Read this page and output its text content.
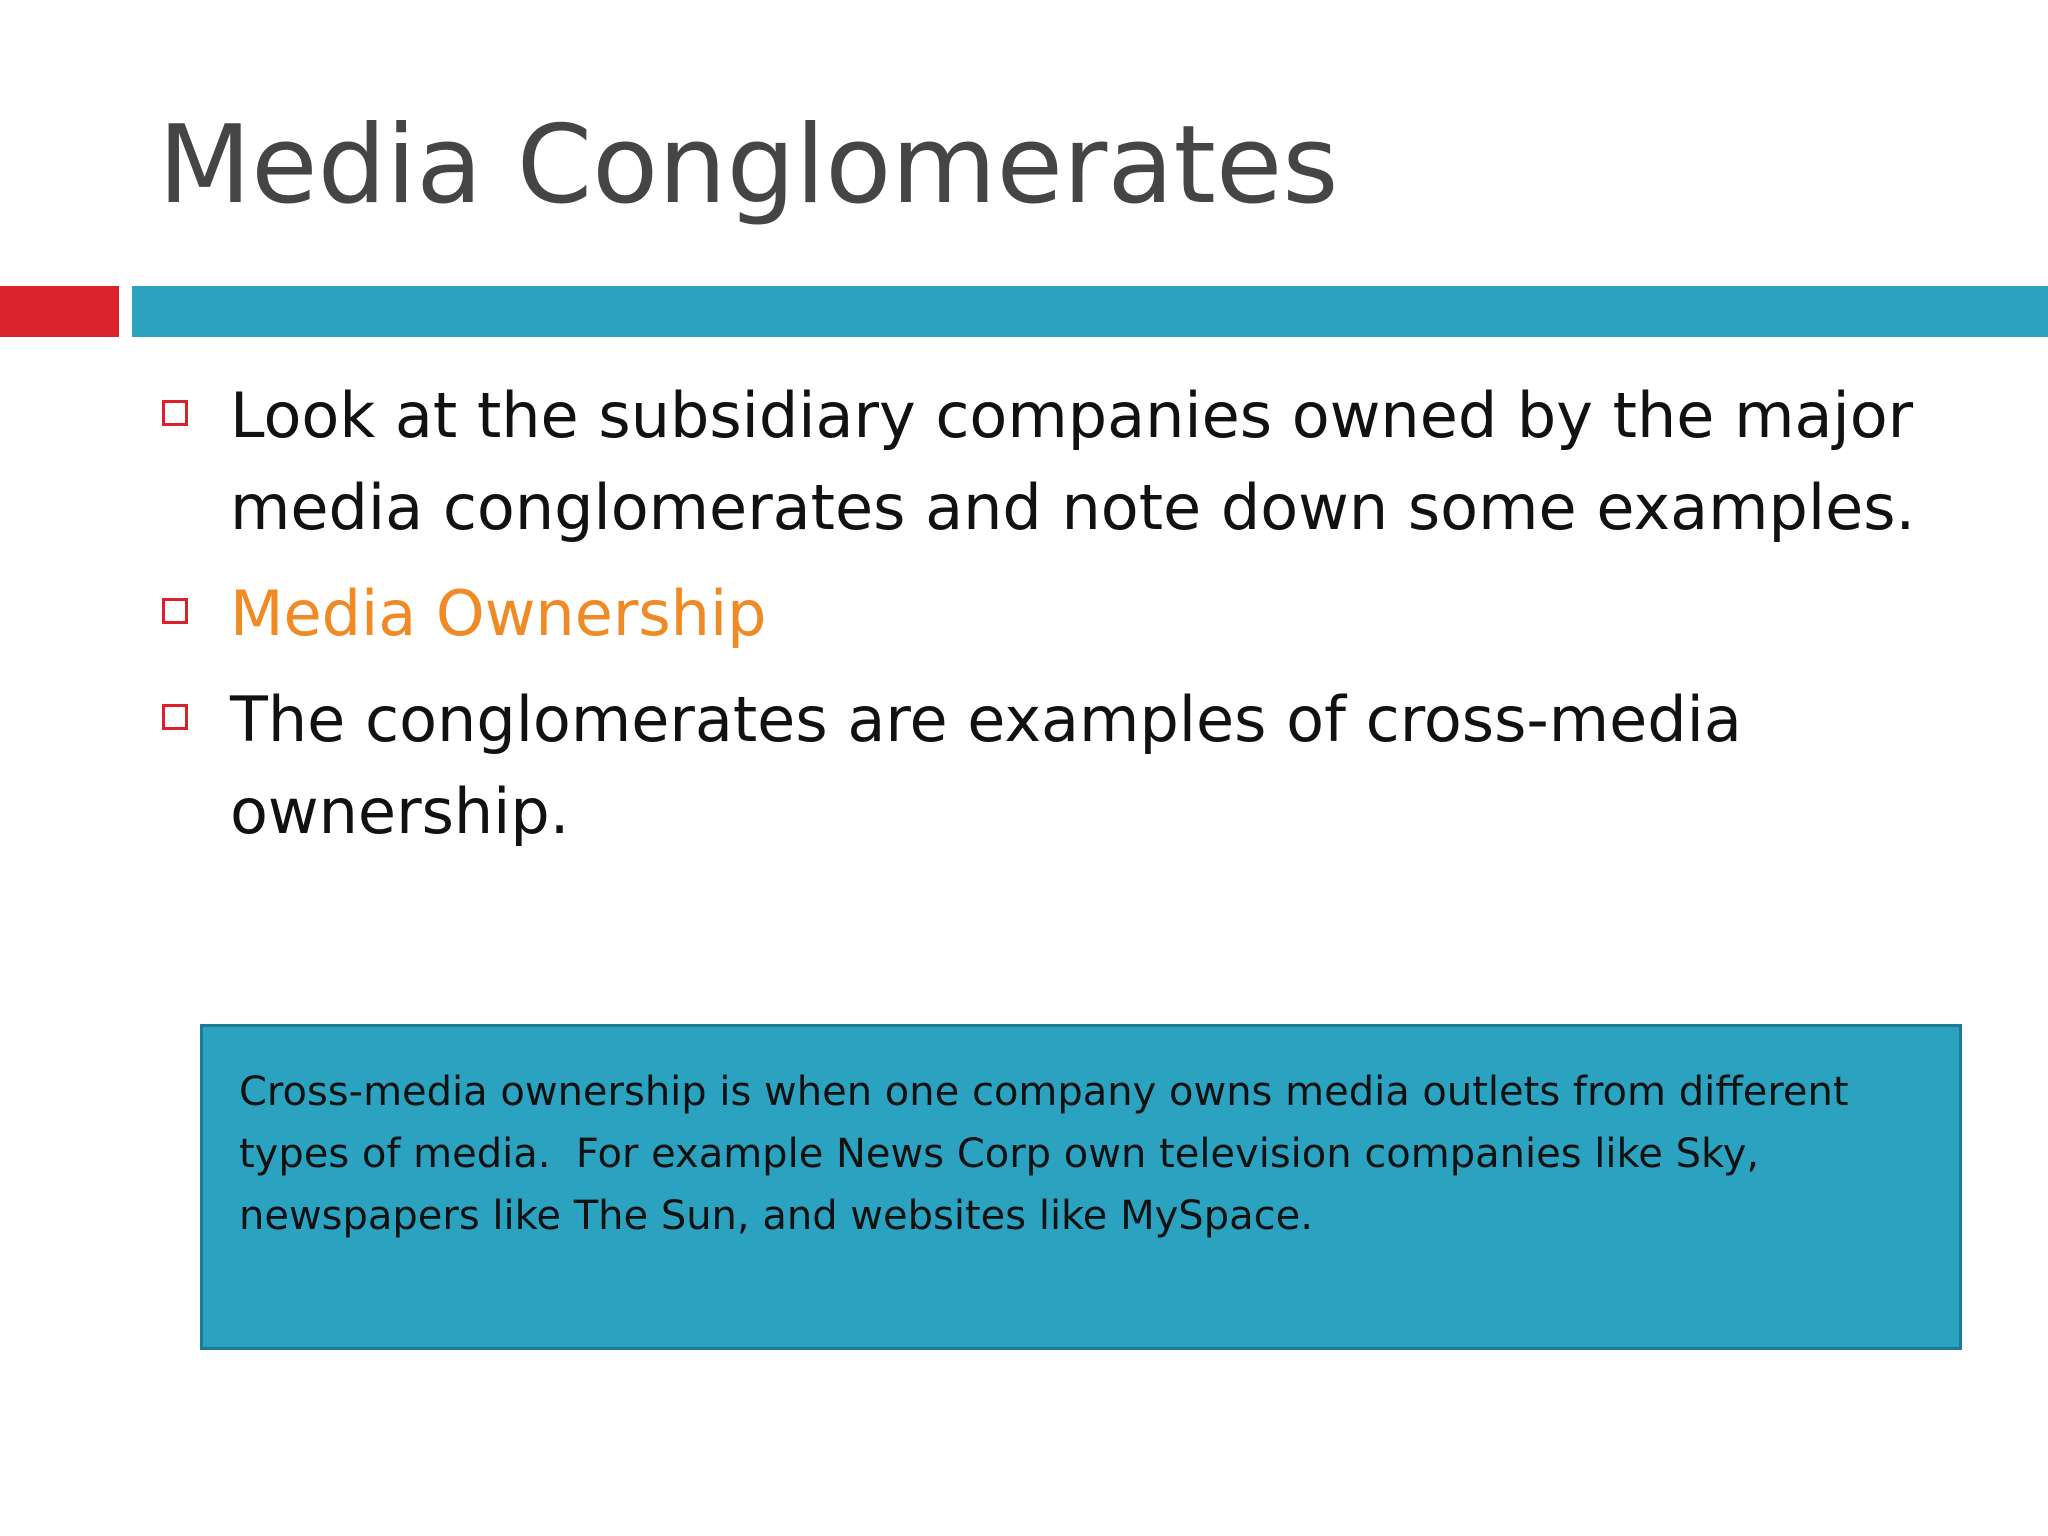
Media Conglomerates
Look at the subsidiary companies owned by the major media conglomerates and note down some examples.
Media Ownership
The conglomerates are examples of cross-media ownership.

Cross-media ownership is when one company owns media outlets from different types of media.  For example News Corp own television companies like Sky, newspapers like The Sun, and websites like MySpace.
